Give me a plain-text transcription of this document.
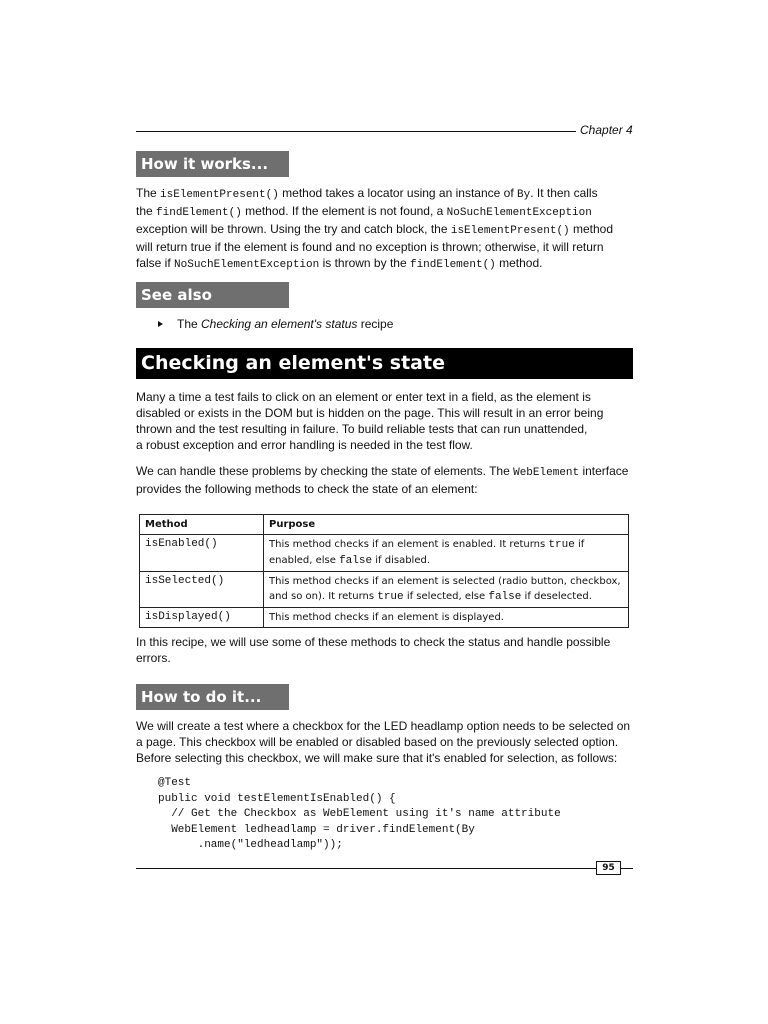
Chapter 4
How it works...
The isElementPresent() method takes a locator using an instance of By. It then calls
the findElement() method. If the element is not found, a NoSuchElementException
exception will be thrown. Using the try and catch block, the isElementPresent() method
will return true if the element is found and no exception is thrown; otherwise, it will return
false if NoSuchElementException is thrown by the findElement() method.
See also
The Checking an element's status recipe
Checking an element's state
Many a time a test fails to click on an element or enter text in a field, as the element is
disabled or exists in the DOM but is hidden on the page. This will result in an error being
thrown and the test resulting in failure. To build reliable tests that can run unattended,
a robust exception and error handling is needed in the test flow.
We can handle these problems by checking the state of elements. The WebElement interface
provides the following methods to check the state of an element:
Method	Purpose
isEnabled()	This method checks if an element is enabled. It returns true if
enabled, else false if disabled.

isSelected()	This method checks if an element is selected (radio button, checkbox,
and so on). It returns true if selected, else false if deselected.

isDisplayed()	This method checks if an element is displayed.
In this recipe, we will use some of these methods to check the status and handle possible
errors.
How to do it...
We will create a test where a checkbox for the LED headlamp option needs to be selected on
a page. This checkbox will be enabled or disabled based on the previously selected option.
Before selecting this checkbox, we will make sure that it's enabled for selection, as follows:
@Test
public void testElementIsEnabled() {
// Get the Checkbox as WebElement using it's name attribute
WebElement ledheadlamp = driver.findElement(By
.name("ledheadlamp"));
95
